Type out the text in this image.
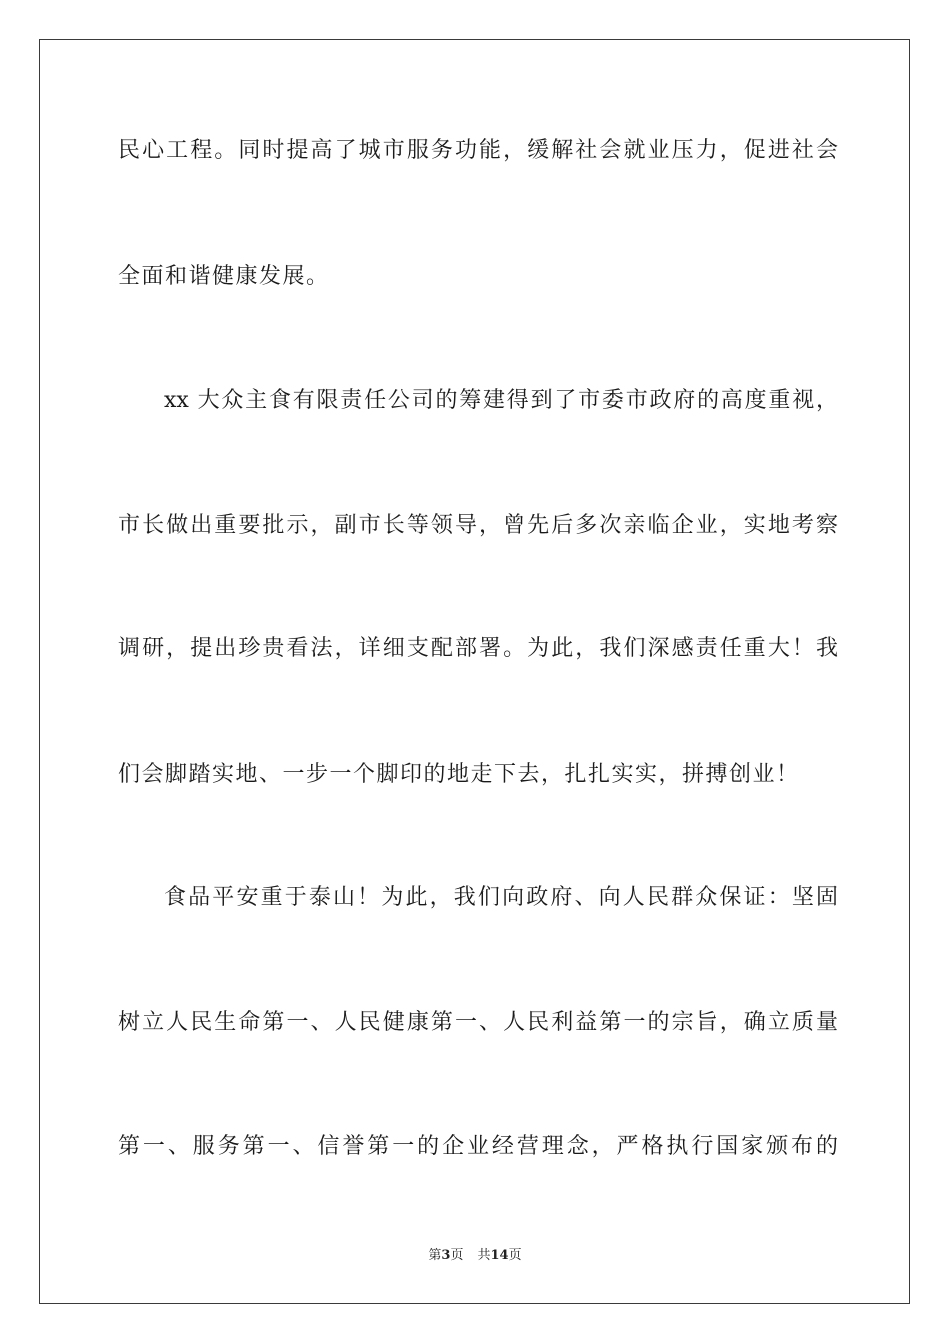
民心工程。同时提高了城市服务功能，缓解社会就业压力，促进社会
全面和谐健康发展。
xx 大众主食有限责任公司的筹建得到了市委市政府的高度重视，
市长做出重要批示，副市长等领导，曾先后多次亲临企业，实地考察
调研，提出珍贵看法，详细支配部署。为此，我们深感责任重大！我
们会脚踏实地、一步一个脚印的地走下去，扎扎实实，拼搏创业！
食品平安重于泰山！为此，我们向政府、向人民群众保证：坚固
树立人民生命第一、人民健康第一、人民利益第一的宗旨，确立质量
第一、服务第一、信誉第一的企业经营理念，严格执行国家颁布的
第3页 共14页
